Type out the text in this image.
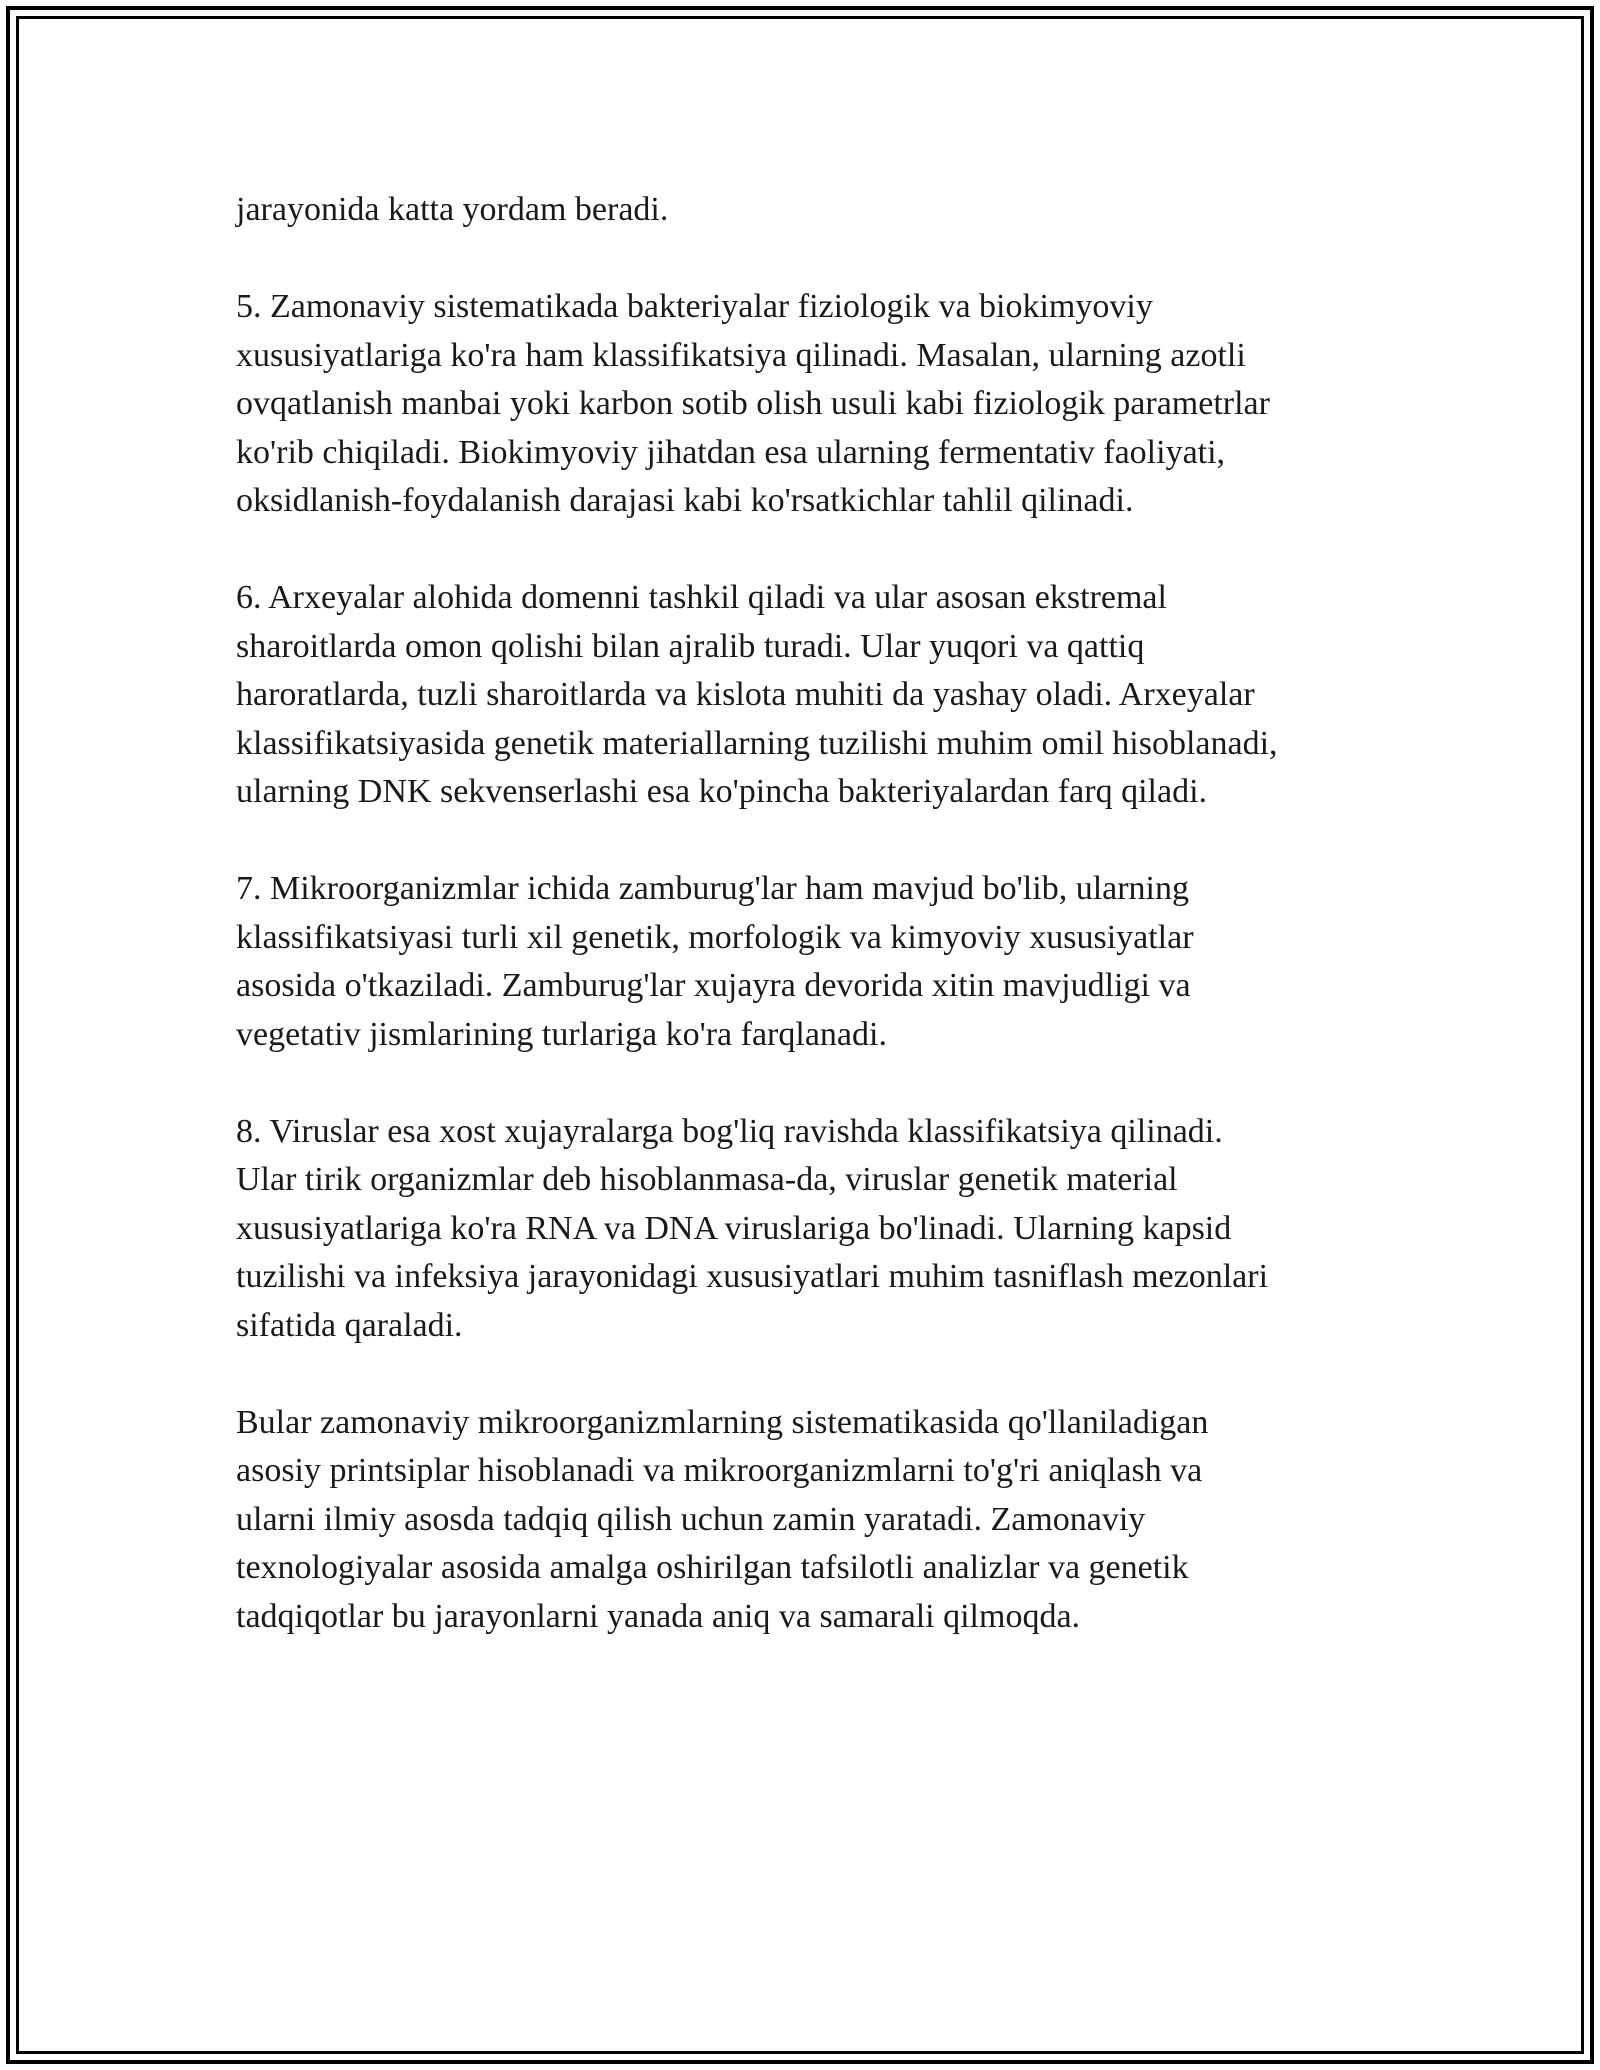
jarayonida katta yordam beradi.

5. Zamonaviy sistematikada bakteriyalar fiziologik va biokimyoviy
xususiyatlariga ko'ra ham klassifikatsiya qilinadi. Masalan, ularning azotli
ovqatlanish manbai yoki karbon sotib olish usuli kabi fiziologik parametrlar
ko'rib chiqiladi. Biokimyoviy jihatdan esa ularning fermentativ faoliyati,
oksidlanish-foydalanish darajasi kabi ko'rsatkichlar tahlil qilinadi.

6. Arxeyalar alohida domenni tashkil qiladi va ular asosan ekstremal
sharoitlarda omon qolishi bilan ajralib turadi. Ular yuqori va qattiq
haroratlarda, tuzli sharoitlarda va kislota muhiti da yashay oladi. Arxeyalar
klassifikatsiyasida genetik materiallarning tuzilishi muhim omil hisoblanadi,
ularning DNK sekvenserlashi esa ko'pincha bakteriyalardan farq qiladi.

7. Mikroorganizmlar ichida zamburug'lar ham mavjud bo'lib, ularning
klassifikatsiyasi turli xil genetik, morfologik va kimyoviy xususiyatlar
asosida o'tkaziladi. Zamburug'lar xujayra devorida xitin mavjudligi va
vegetativ jismlarining turlariga ko'ra farqlanadi.

8. Viruslar esa xost xujayralarga bog'liq ravishda klassifikatsiya qilinadi.
Ular tirik organizmlar deb hisoblanmasa-da, viruslar genetik material
xususiyatlariga ko'ra RNA va DNA viruslariga bo'linadi. Ularning kapsid
tuzilishi va infeksiya jarayonidagi xususiyatlari muhim tasniflash mezonlari
sifatida qaraladi.

Bular zamonaviy mikroorganizmlarning sistematikasida qo'llaniladigan
asosiy printsiplar hisoblanadi va mikroorganizmlarni to'g'ri aniqlash va
ularni ilmiy asosda tadqiq qilish uchun zamin yaratadi. Zamonaviy
texnologiyalar asosida amalga oshirilgan tafsilotli analizlar va genetik
tadqiqotlar bu jarayonlarni yanada aniq va samarali qilmoqda.
